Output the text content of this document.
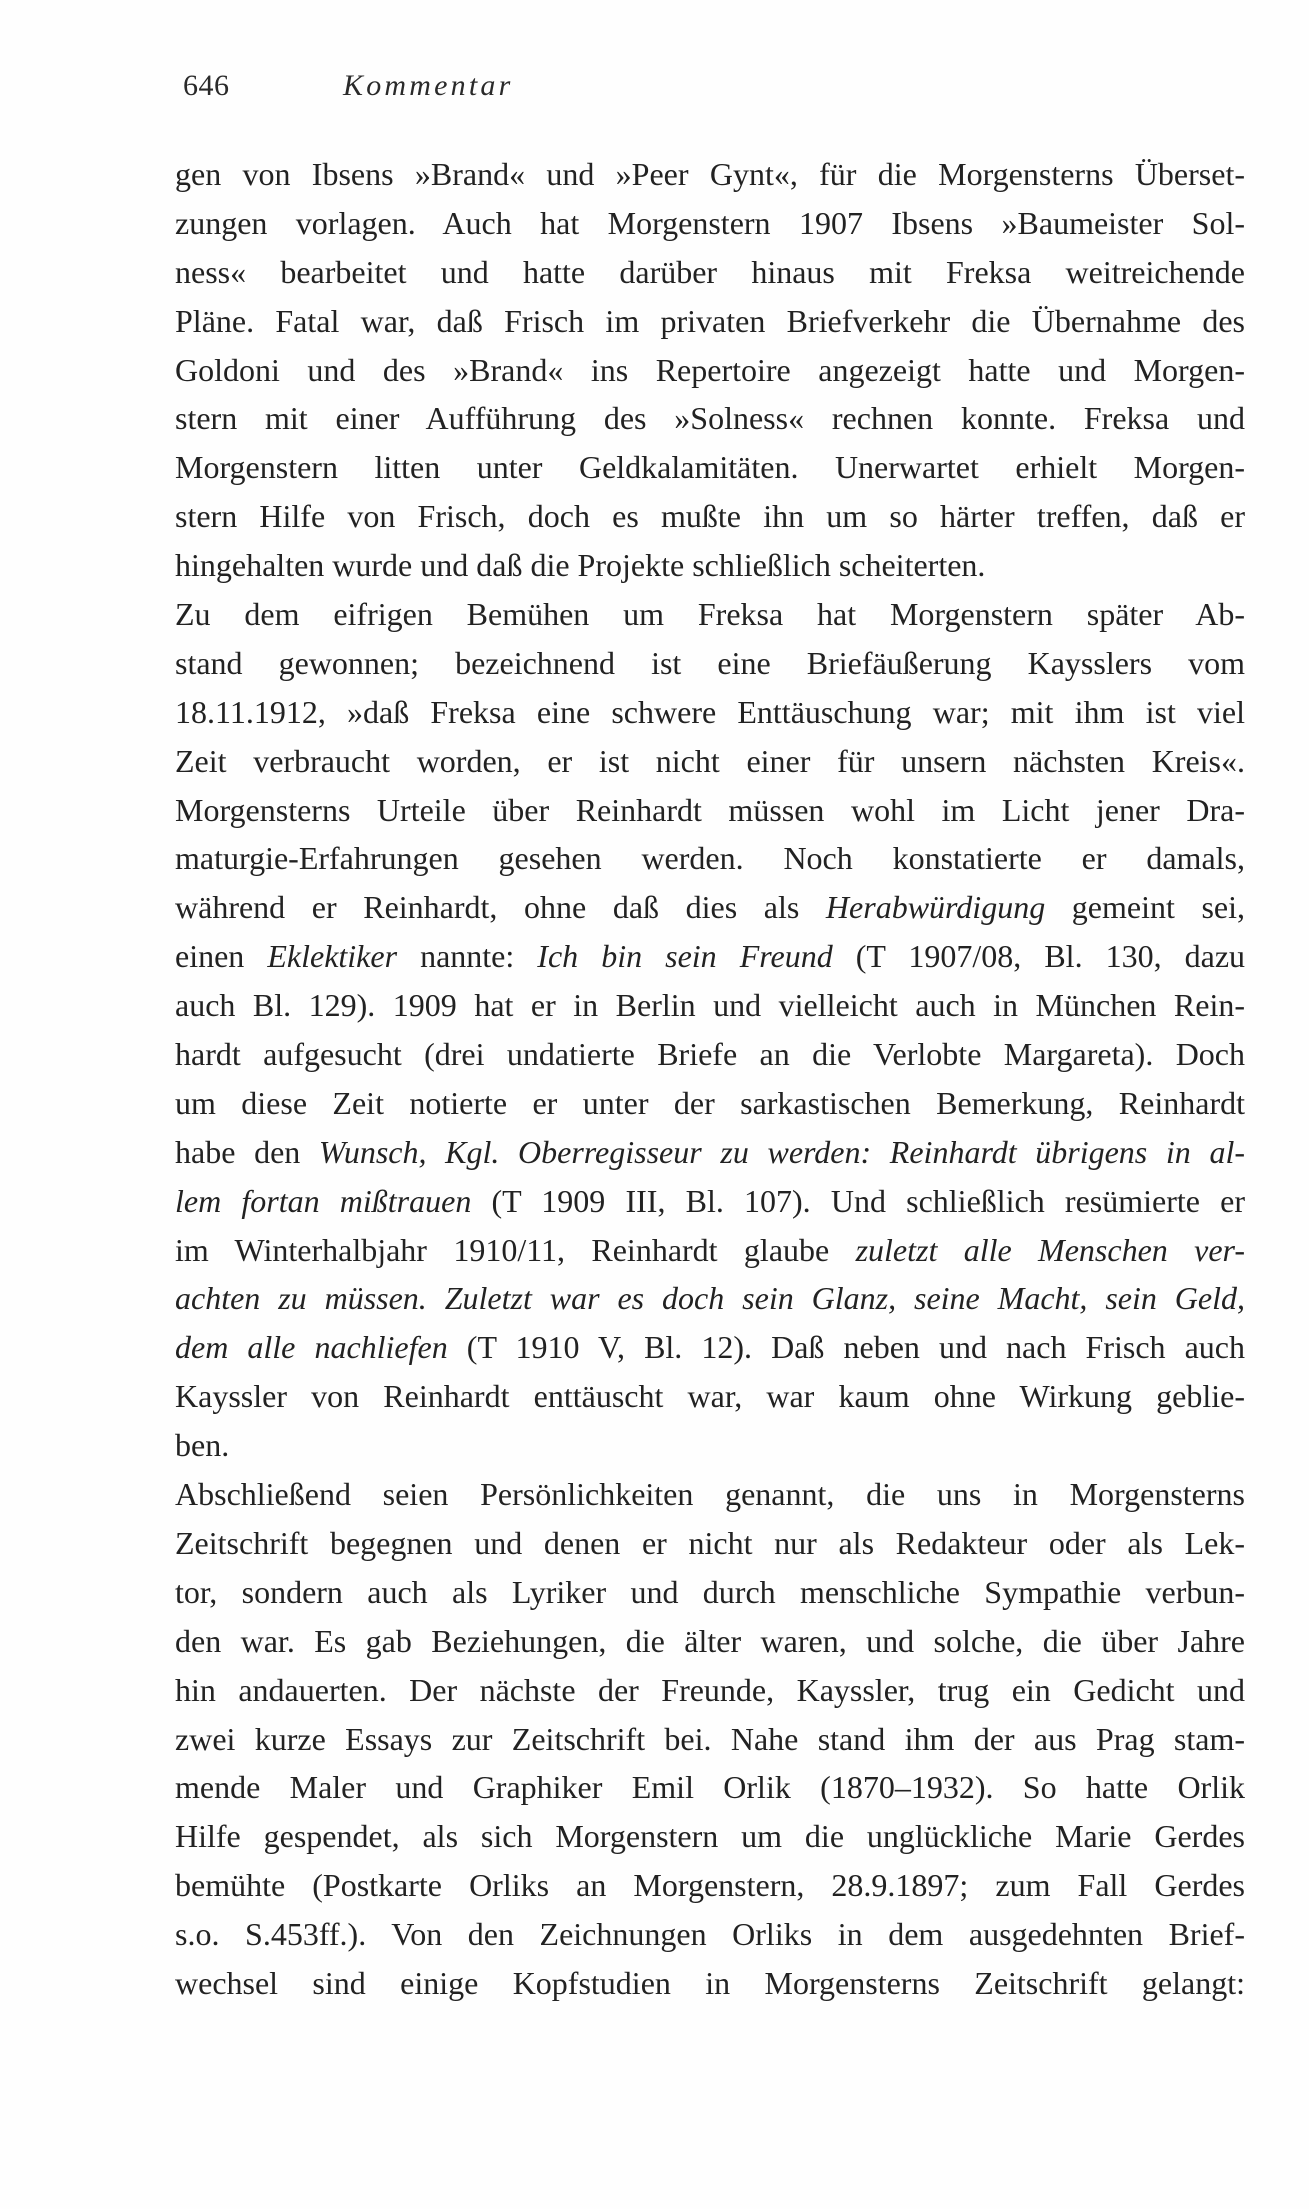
646	Kommentar
gen von Ibsens »Brand« und »Peer Gynt«, für die Morgensterns Überset-
zungen vorlagen. Auch hat Morgenstern 1907 Ibsens »Baumeister Sol-
ness« bearbeitet und hatte darüber hinaus mit Freksa weitreichende
Pläne. Fatal war, daß Frisch im privaten Briefverkehr die Übernahme des
Goldoni und des »Brand« ins Repertoire angezeigt hatte und Morgen-
stern mit einer Aufführung des »Solness« rechnen konnte. Freksa und
Morgenstern litten unter Geldkalamitäten. Unerwartet erhielt Morgen-
stern Hilfe von Frisch, doch es mußte ihn um so härter treffen, daß er
hingehalten wurde und daß die Projekte schließlich scheiterten.
Zu dem eifrigen Bemühen um Freksa hat Morgenstern später Ab-
stand gewonnen; bezeichnend ist eine Briefäußerung Kaysslers vom
18.11.1912, »daß Freksa eine schwere Enttäuschung war; mit ihm ist viel
Zeit verbraucht worden, er ist nicht einer für unsern nächsten Kreis«.
Morgensterns Urteile über Reinhardt müssen wohl im Licht jener Dra-
maturgie-Erfahrungen gesehen werden. Noch konstatierte er damals,
während er Reinhardt, ohne daß dies als Herabwürdigung gemeint sei,
einen Eklektiker nannte: Ich bin sein Freund (T 1907/08, Bl. 130, dazu
auch Bl. 129). 1909 hat er in Berlin und vielleicht auch in München Rein-
hardt aufgesucht (drei undatierte Briefe an die Verlobte Margareta). Doch
um diese Zeit notierte er unter der sarkastischen Bemerkung, Reinhardt
habe den Wunsch, Kgl. Oberregisseur zu werden: Reinhardt übrigens in al-
lem fortan mißtrauen (T 1909 III, Bl. 107). Und schließlich resümierte er
im Winterhalbjahr 1910/11, Reinhardt glaube zuletzt alle Menschen ver-
achten zu müssen. Zuletzt war es doch sein Glanz, seine Macht, sein Geld,
dem alle nachliefen (T 1910 V, Bl. 12). Daß neben und nach Frisch auch
Kayssler von Reinhardt enttäuscht war, war kaum ohne Wirkung geblie-
ben.
Abschließend seien Persönlichkeiten genannt, die uns in Morgensterns
Zeitschrift begegnen und denen er nicht nur als Redakteur oder als Lek-
tor, sondern auch als Lyriker und durch menschliche Sympathie verbun-
den war. Es gab Beziehungen, die älter waren, und solche, die über Jahre
hin andauerten. Der nächste der Freunde, Kayssler, trug ein Gedicht und
zwei kurze Essays zur Zeitschrift bei. Nahe stand ihm der aus Prag stam-
mende Maler und Graphiker Emil Orlik (1870–1932). So hatte Orlik
Hilfe gespendet, als sich Morgenstern um die unglückliche Marie Gerdes
bemühte (Postkarte Orliks an Morgenstern, 28.9.1897; zum Fall Gerdes
s.o. S.453ff.). Von den Zeichnungen Orliks in dem ausgedehnten Brief-
wechsel sind einige Kopfstudien in Morgensterns Zeitschrift gelangt:
